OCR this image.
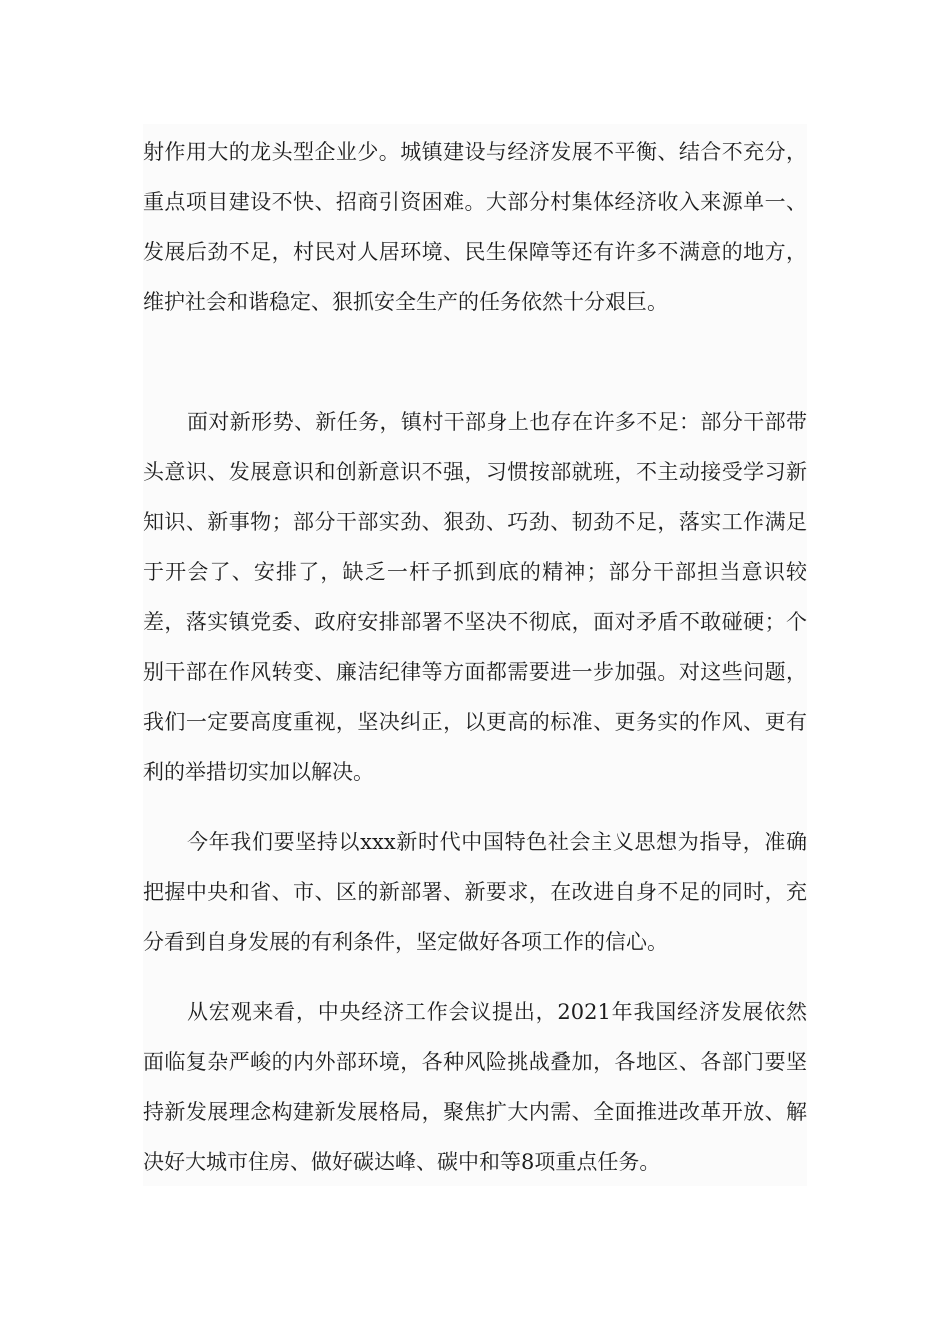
射作用大的龙头型企业少。城镇建设与经济发展不平衡、结合不充分，重点项目建设不快、招商引资困难。大部分村集体经济收入来源单一、发展后劲不足，村民对人居环境、民生保障等还有许多不满意的地方，维护社会和谐稳定、狠抓安全生产的任务依然十分艰巨。

面对新形势、新任务，镇村干部身上也存在许多不足：部分干部带头意识、发展意识和创新意识不强，习惯按部就班，不主动接受学习新知识、新事物；部分干部实劲、狠劲、巧劲、韧劲不足，落实工作满足于开会了、安排了，缺乏一杆子抓到底的精神；部分干部担当意识较差，落实镇党委、政府安排部署不坚决不彻底，面对矛盾不敢碰硬；个别干部在作风转变、廉洁纪律等方面都需要进一步加强。对这些问题，我们一定要高度重视，坚决纠正，以更高的标准、更务实的作风、更有利的举措切实加以解决。

今年我们要坚持以xxx新时代中国特色社会主义思想为指导，准确把握中央和省、市、区的新部署、新要求，在改进自身不足的同时，充分看到自身发展的有利条件，坚定做好各项工作的信心。

从宏观来看，中央经济工作会议提出，2021年我国经济发展依然面临复杂严峻的内外部环境，各种风险挑战叠加，各地区、各部门要坚持新发展理念构建新发展格局，聚焦扩大内需、全面推进改革开放、解决好大城市住房、做好碳达峰、碳中和等8项重点任务。
